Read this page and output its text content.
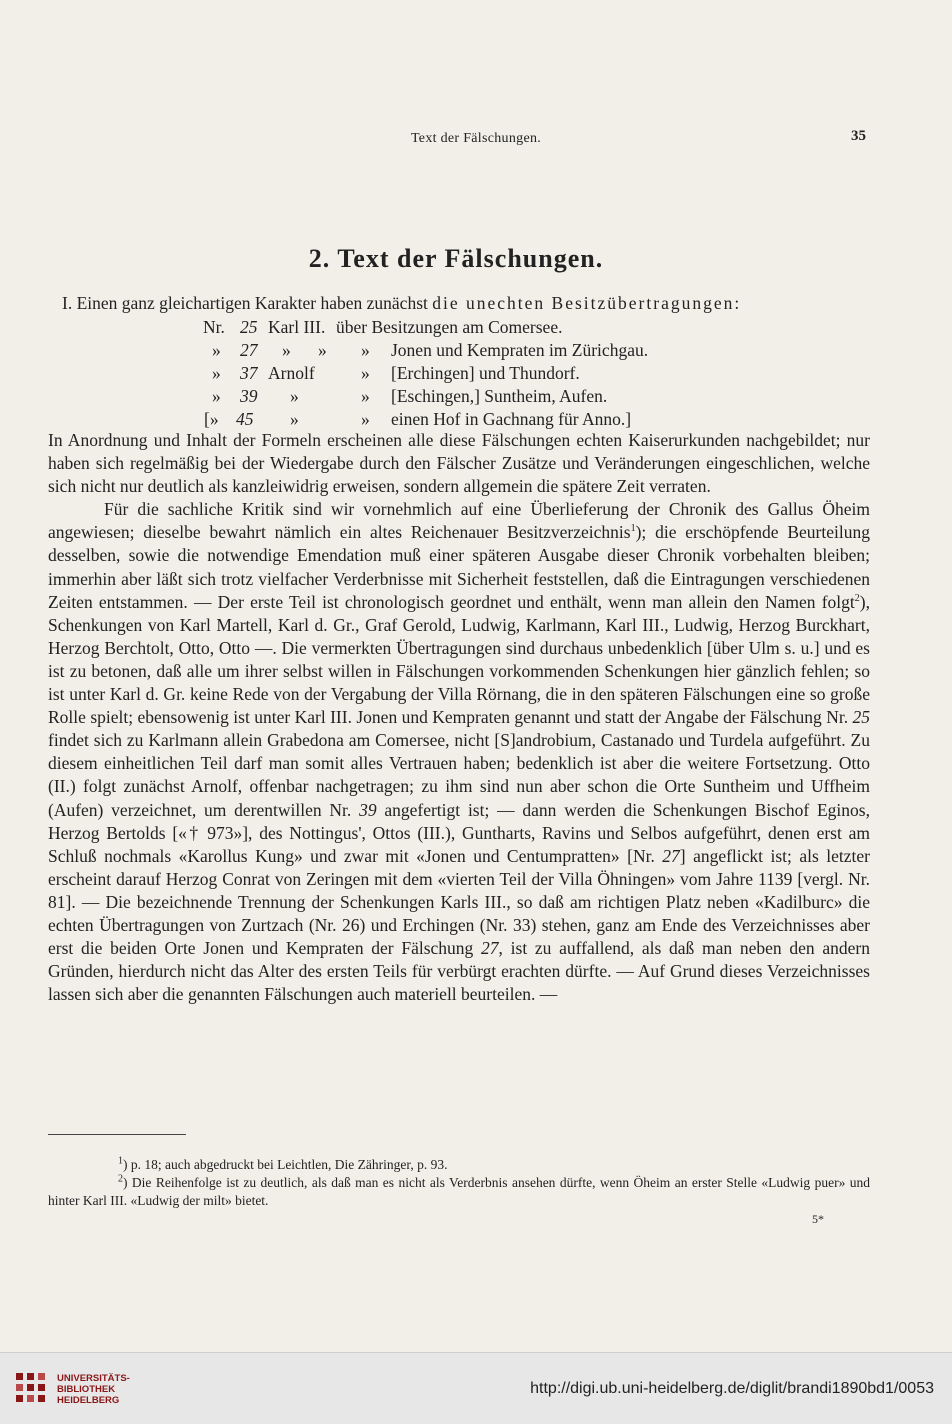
Text der Fälschungen.	35
2. Text der Fälschungen.
I. Einen ganz gleichartigen Karakter haben zunächst die unechten Besitzübertragungen:
Nr. 25 Karl III. über Besitzungen am Comersee.
» 27 » » » Jonen und Kempraten im Zürichgau.
» 37 Arnolf	» [Erchingen] und Thundorf.
» 39 »	» [Eschingen,] Suntheim, Aufen.
[» 45 »	» einen Hof in Gachnang für Anno.]

In Anordnung und Inhalt der Formeln erscheinen alle diese Fälschungen echten Kaiserurkunden nachgebildet; nur haben sich regelmäßig bei der Wiedergabe durch den Fälscher Zusätze und Veränderungen eingeschlichen, welche sich nicht nur deutlich als kanzleiwidrig erweisen, sondern allgemein die spätere Zeit verraten.

Für die sachliche Kritik sind wir vornehmlich auf eine Überlieferung der Chronik des Gallus Öheim angewiesen; dieselbe bewahrt nämlich ein altes Reichenauer Besitzverzeichnis$^1$); die erschöpfende Beurteilung desselben, sowie die notwendige Emendation muß einer späteren Ausgabe dieser Chronik vorbehalten bleiben; immerhin aber läßt sich trotz vielfacher Verderbnisse mit Sicherheit feststellen, daß die Eintragungen verschiedenen Zeiten entstammen. — Der erste Teil ist chronologisch geordnet und enthält, wenn man allein den Namen folgt$^2$), Schenkungen von Karl Martell, Karl d. Gr., Graf Gerold, Ludwig, Karlmann, Karl III., Ludwig, Herzog Burckhart, Herzog Berchtolt, Otto, Otto —. Die vermerkten Übertragungen sind durchaus unbedenklich [über Ulm s. u.] und es ist zu betonen, daß alle um ihrer selbst willen in Fälschungen vorkommenden Schenkungen hier gänzlich fehlen; so ist unter Karl d. Gr. keine Rede von der Vergabung der Villa Rörnang, die in den späteren Fälschungen eine so große Rolle spielt; ebensowenig ist unter Karl III. Jonen und Kempraten genannt und statt der Angabe der Fälschung Nr. 25 findet sich zu Karlmann allein Grabedona am Comersee, nicht [S]androbium, Castanado und Turdela aufgeführt. Zu diesem einheitlichen Teil darf man somit alles Vertrauen haben; bedenklich ist aber die weitere Fortsetzung. Otto (II.) folgt zunächst Arnolf, offenbar nachgetragen; zu ihm sind nun aber schon die Orte Suntheim und Uffheim (Aufen) verzeichnet, um derentwillen Nr. 39 angefertigt ist; — dann werden die Schenkungen Bischof Eginos, Herzog Bertolds [«† 973»], des Nottingus', Ottos (III.), Guntharts, Ravins und Selbos aufgeführt, denen erst am Schluß nochmals «Karollus Kung» und zwar mit «Jonen und Centumpratten» [Nr. 27] angeflickt ist; als letzter erscheint darauf Herzog Conrat von Zeringen mit dem «vierten Teil der Villa Öhningen» vom Jahre 1139 [vergl. Nr. 81]. — Die bezeichnende Trennung der Schenkungen Karls III., so daß am richtigen Platz neben «Kadilburc» die echten Übertragungen von Zurtzach (Nr. 26) und Erchingen (Nr. 33) stehen, ganz am Ende des Verzeichnisses aber erst die beiden Orte Jonen und Kempraten der Fälschung 27, ist zu auffallend, als daß man neben den andern Gründen, hierdurch nicht das Alter des ersten Teils für verbürgt erachten dürfte. — Auf Grund dieses Verzeichnisses lassen sich aber die genannten Fälschungen auch materiell beurteilen. —

$^1$) p. 18; auch abgedruckt bei Leichtlen, Die Zähringer, p. 93.

$^2$) Die Reihenfolge ist zu deutlich, als daß man es nicht als Verderbnis ansehen dürfte, wenn Öheim an erster Stelle «Ludwig puer» und hinter Karl III. «Ludwig der milt» bietet.

5*
UNIVERSITÄTS-
BIBLIOTHEK
HEIDELBERG
http://digi.ub.uni-heidelberg.de/diglit/brandi1890bd1/0053
